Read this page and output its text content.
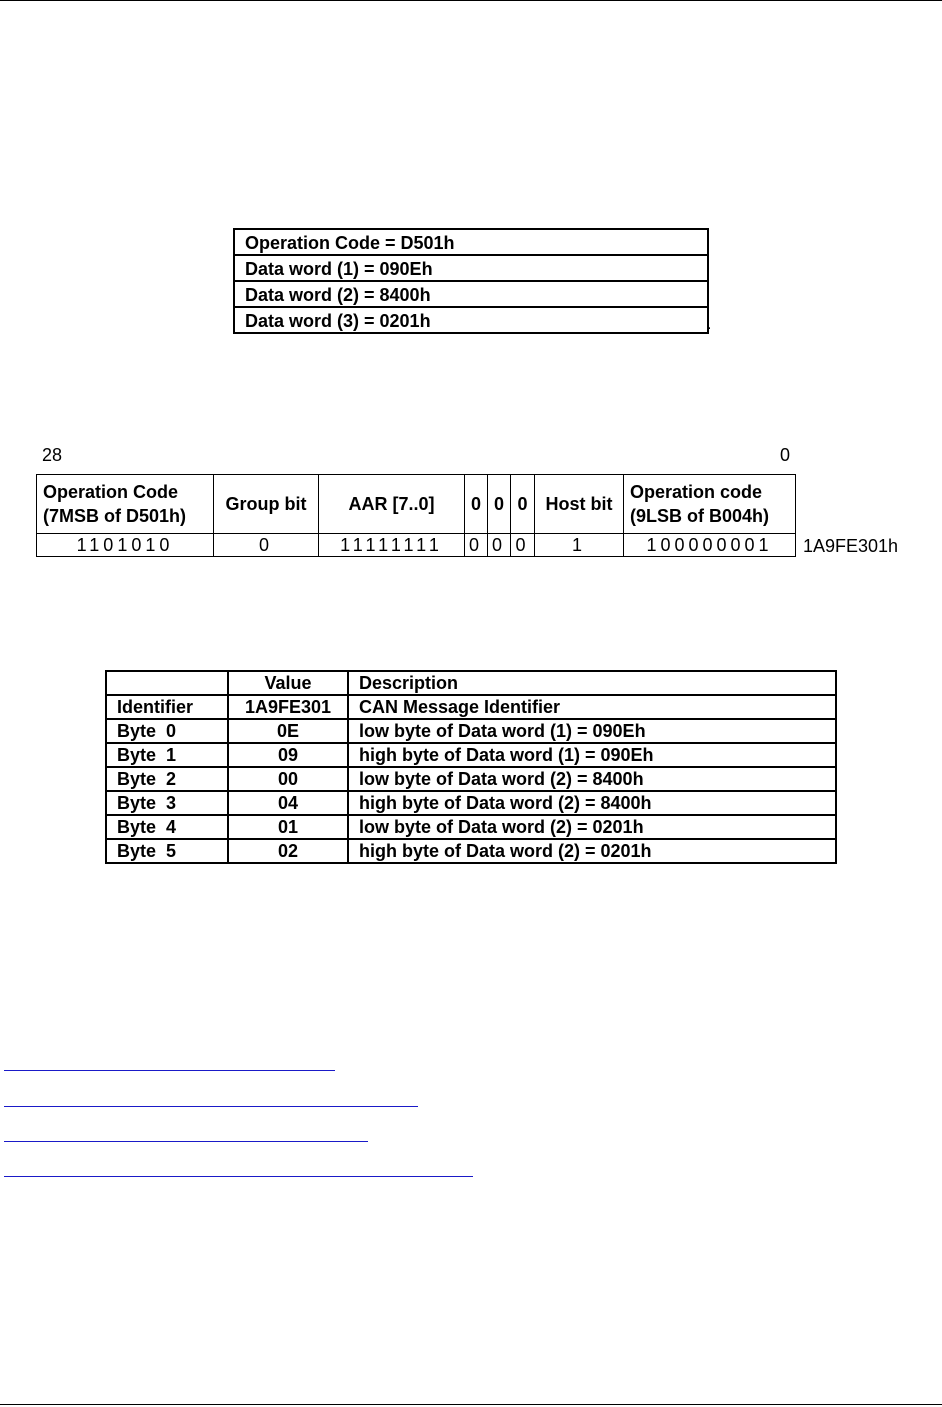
Operation Code = D501h
Data word (1) = 090Eh
Data word (2) = 8400h
Data word (3) = 0201h	.
28	0
Operation Code (7MSB of D501h)	Group bit	AAR [7..0]	0	0	0	Host bit	Operation code (9LSB of B004h)
1101010	0	11111111	0	0	0	1	100000001 1A9FE301h
	Value	Description
Identifier	1A9FE301	CAN Message Identifier
Byte  0	0E	low byte of Data word (1) = 090Eh
Byte  1	09	high byte of Data word (1) = 090Eh
Byte  2	00	low byte of Data word (2) = 8400h
Byte  3	04	high byte of Data word (2) = 8400h
Byte  4	01	low byte of Data word (2) = 0201h
Byte  5	02	high byte of Data word (2) = 0201h
